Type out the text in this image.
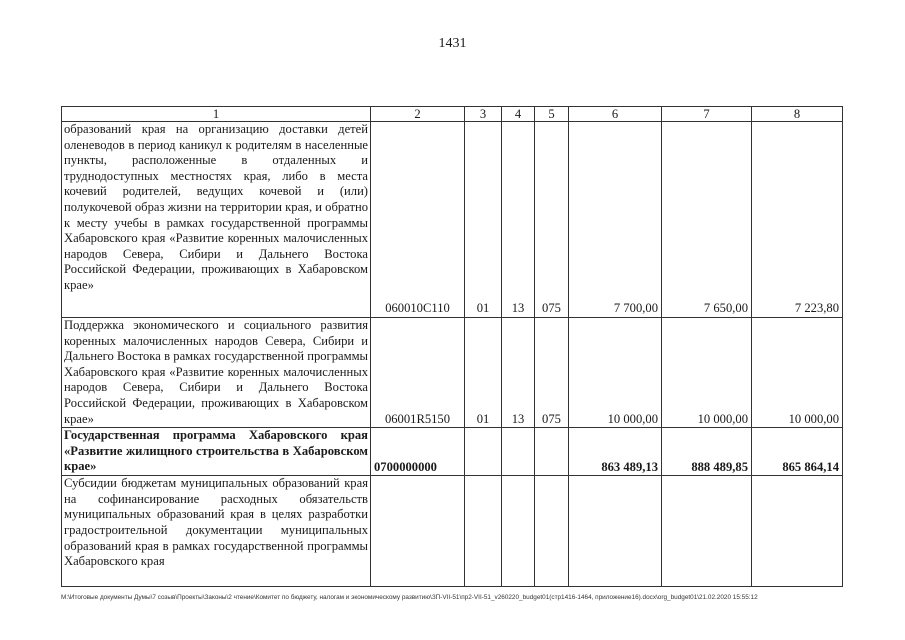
1431
1	2	3	4	5	6	7	8
образований края на организацию доставки детей оленеводов в период каникул к родителям в населенные пункты, расположенные в отдаленных и труднодоступных местностях края, либо в места кочевий родителей, ведущих кочевой и (или) полукочевой образ жизни на территории края, и обратно к месту учебы в рамках государственной программы Хабаровского края «Развитие коренных малочисленных народов Севера, Сибири и Дальнего Востока Российской Федерации, проживающих в Хабаровском крае»	060010С110	01	13	075	7 700,00	7 650,00	7 223,80
Поддержка экономического и социального развития коренных малочисленных народов Севера, Сибири и Дальнего Востока в рамках государственной программы Хабаровского края «Развитие коренных малочисленных народов Севера, Сибири и Дальнего Востока Российской Федерации, проживающих в Хабаровском крае»	06001R5150	01	13	075	10 000,00	10 000,00	10 000,00
Государственная программа Хабаровского края «Развитие жилищного строительства в Хабаровском крае»	0700000000				863 489,13	888 489,85	865 864,14
Субсидии бюджетам муниципальных образований края на софинансирование расходных обязательств муниципальных образований края в целях разработки градостроительной документации муниципальных образований края в рамках государственной программы Хабаровского края							
M:\Итоговые документы Думы\7 созыв\Проекты\Законы\2 чтение\Комитет по бюджету, налогам и экономическому развитию\ЗП-VII-51\пр2-VII-51_v260220_budget01(стр1416-1464, приложение16).docx\org_budget01\21.02.2020 15:55:12
